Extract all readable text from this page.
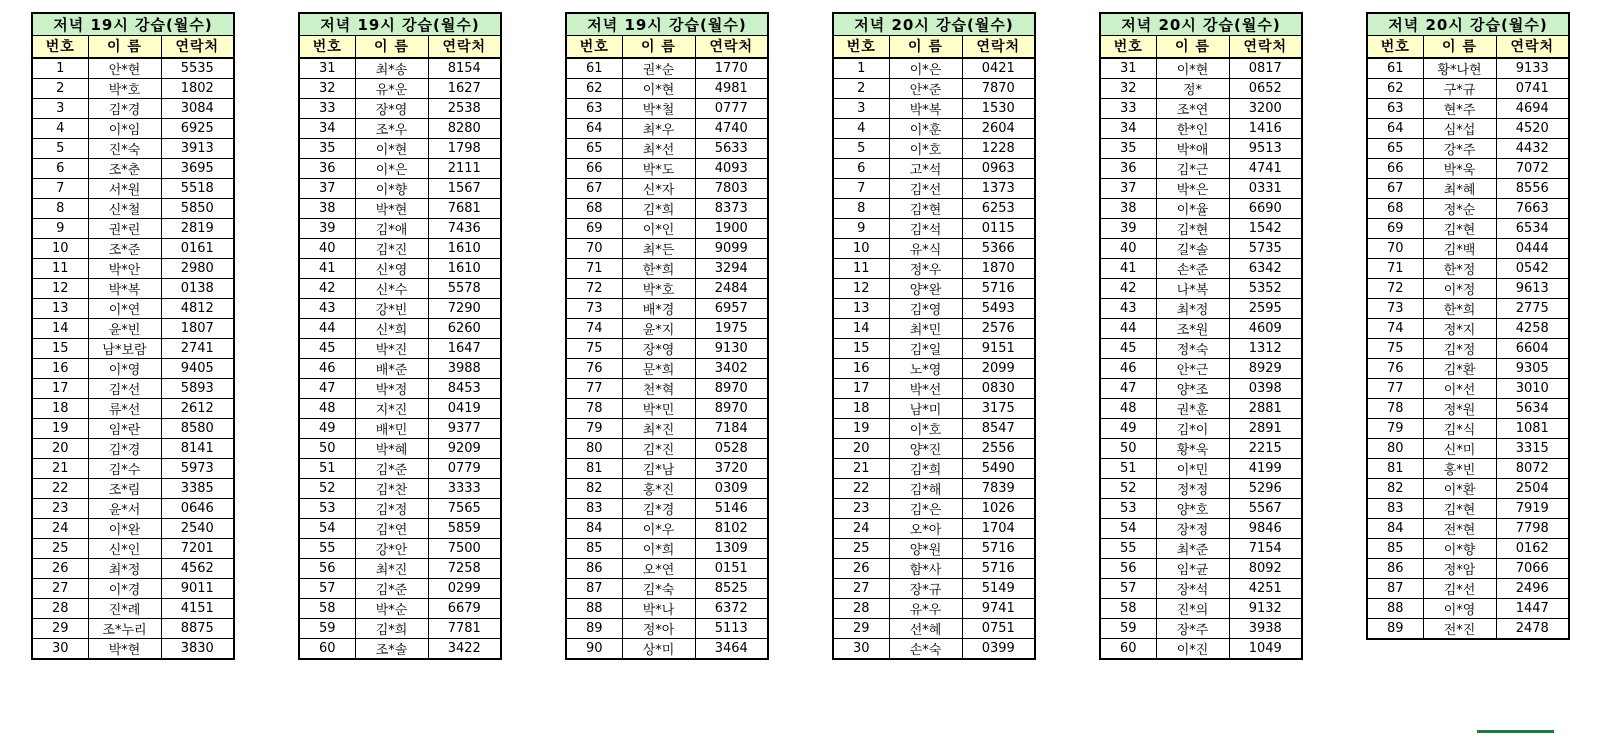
저녁 19시 강습(월수)		
번호	이 름	연락처
1	안*현	5535
2	박*호	1802
3	김*경	3084
4	이*임	6925
5	진*숙	3913
6	조*춘	3695
7	서*원	5518
8	신*철	5850
9	권*린	2819
10	조*준	0161
11	박*안	2980
12	박*복	0138
13	이*연	4812
14	윤*빈	1807
15	남*보람	2741
16	이*영	9405
17	김*선	5893
18	류*선	2612
19	임*란	8580
20	김*경	8141
21	김*수	5973
22	조*림	3385
23	윤*서	0646
24	이*완	2540
25	신*인	7201
26	최*정	4562
27	이*경	9011
28	진*례	4151
29	조*누리	8875
30	박*현	3830
저녁 19시 강습(월수)		
번호	이 름	연락처
31	최*송	8154
32	유*운	1627
33	장*영	2538
34	조*우	8280
35	이*현	1798
36	이*은	2111
37	이*향	1567
38	박*현	7681
39	김*애	7436
40	김*진	1610
41	신*영	1610
42	신*수	5578
43	강*빈	7290
44	신*희	6260
45	박*진	1647
46	배*준	3988
47	박*정	8453
48	지*진	0419
49	배*민	9377
50	박*혜	9209
51	김*준	0779
52	김*찬	3333
53	김*정	7565
54	김*연	5859
55	강*안	7500
56	최*진	7258
57	김*준	0299
58	박*순	6679
59	김*희	7781
60	조*솔	3422
저녁 19시 강습(월수)		
번호	이 름	연락처
61	권*순	1770
62	이*현	4981
63	박*철	0777
64	최*우	4740
65	최*선	5633
66	박*도	4093
67	신*자	7803
68	김*희	8373
69	이*인	1900
70	최*든	9099
71	한*희	3294
72	박*호	2484
73	배*경	6957
74	윤*지	1975
75	장*영	9130
76	문*희	3402
77	천*혁	8970
78	박*민	8970
79	최*진	7184
80	김*진	0528
81	김*남	3720
82	홍*진	0309
83	김*경	5146
84	이*우	8102
85	이*희	1309
86	오*연	0151
87	김*숙	8525
88	박*나	6372
89	정*아	5113
90	상*미	3464
저녁 20시 강습(월수)		
번호	이 름	연락처
1	이*은	0421
2	안*준	7870
3	박*복	1530
4	이*훈	2604
5	이*호	1228
6	고*석	0963
7	김*선	1373
8	김*현	6253
9	김*석	0115
10	유*식	5366
11	정*우	1870
12	양*완	5716
13	김*영	5493
14	최*민	2576
15	김*일	9151
16	노*영	2099
17	박*선	0830
18	남*미	3175
19	이*호	8547
20	양*진	2556
21	김*희	5490
22	김*해	7839
23	김*은	1026
24	오*아	1704
25	양*원	5716
26	함*사	5716
27	장*규	5149
28	유*우	9741
29	선*혜	0751
30	손*숙	0399
저녁 20시 강습(월수)		
번호	이 름	연락처
31	이*현	0817
32	정*	0652
33	조*연	3200
34	한*인	1416
35	박*애	9513
36	김*근	4741
37	박*은	0331
38	이*율	6690
39	김*현	1542
40	길*솔	5735
41	손*준	6342
42	나*복	5352
43	최*정	2595
44	조*원	4609
45	정*숙	1312
46	안*근	8929
47	양*조	0398
48	권*훈	2881
49	김*이	2891
50	황*욱	2215
51	이*민	4199
52	정*정	5296
53	양*호	5567
54	장*정	9846
55	최*준	7154
56	임*균	8092
57	장*석	4251
58	진*의	9132
59	장*주	3938
60	이*진	1049
저녁 20시 강습(월수)		
번호	이 름	연락처
61	황*나현	9133
62	구*규	0741
63	현*주	4694
64	심*섭	4520
65	강*주	4432
66	박*욱	7072
67	최*혜	8556
68	정*순	7663
69	김*현	6534
70	김*백	0444
71	한*정	0542
72	이*정	9613
73	한*희	2775
74	정*지	4258
75	김*정	6604
76	김*환	9305
77	이*선	3010
78	정*원	5634
79	김*식	1081
80	신*미	3315
81	홍*빈	8072
82	이*환	2504
83	김*현	7919
84	전*현	7798
85	이*향	0162
86	정*암	7066
87	김*선	2496
88	이*영	1447
89	전*진	2478
